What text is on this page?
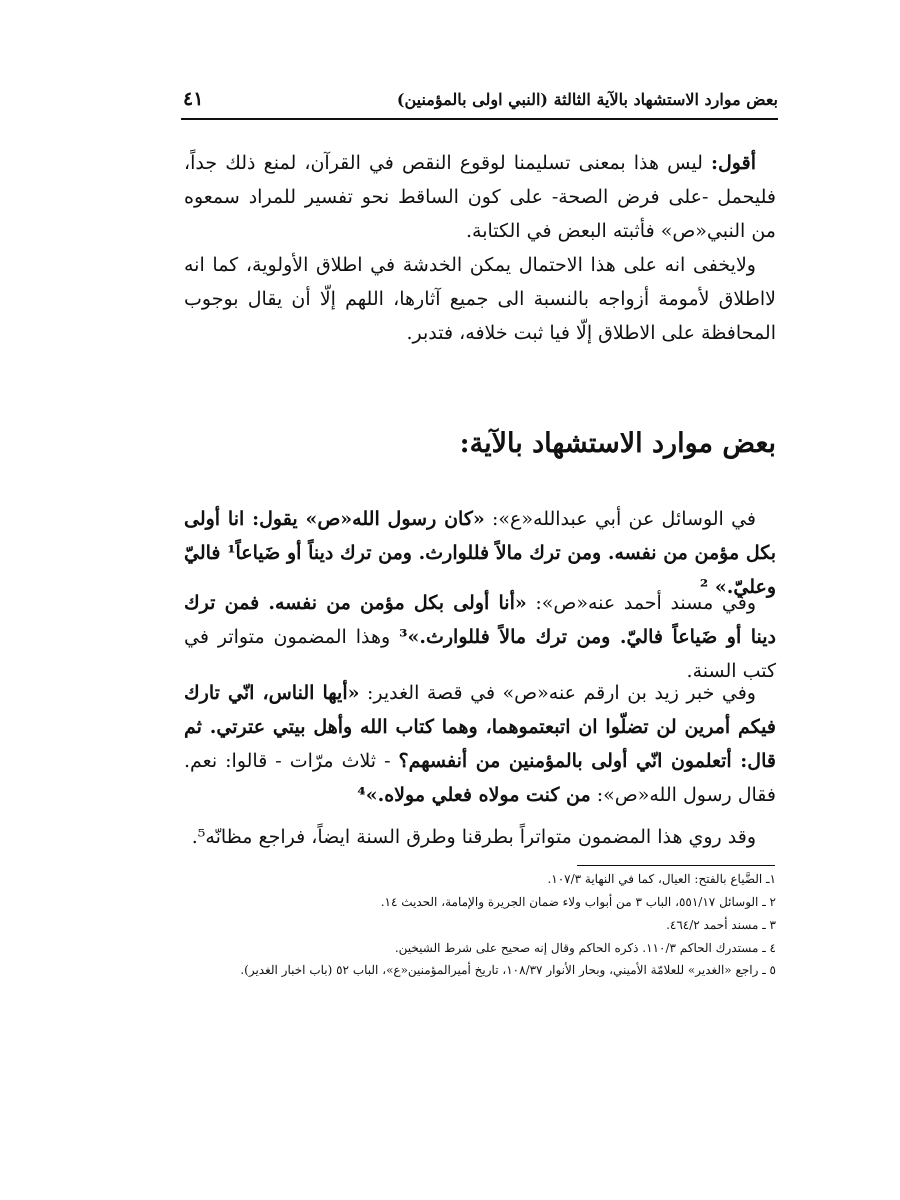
بعض موارد الاستشهاد بالآية الثالثة (النبي اولى بالمؤمنين)
٤١

أقول: ليس هذا بمعنى تسليمنا لوقوع النقص في القرآن، لمنع ذلك جداً، فليحمل -على فرض الصحة- على كون الساقط نحو تفسير للمراد سمعوه من النبي«ص» فأثبته البعض في الكتابة.

ولايخفى انه على هذا الاحتمال يمكن الخدشة في اطلاق الأولوية، كما انه لااطلاق لأمومة أزواجه بالنسبة الى جميع آثارها، اللهم إلّا أن يقال بوجوب المحافظة على الاطلاق إلّا فيا ثبت خلافه، فتدبر.

بعض موارد الاستشهاد بالآية:

في الوسائل عن أبي عبدالله«ع»: «كان رسول الله«ص» يقول: انا أولى بكل مؤمن من نفسه. ومن ترك مالاً فللوارث. ومن ترك ديناً أو ضَياعاً¹ فاليّ وعليّ.» ²

وفي مسند أحمد عنه«ص»: «أنا أولى بكل مؤمن من نفسه. فمن ترك دينا أو ضَياعاً فاليّ. ومن ترك مالاً فللوارث.»³ وهذا المضمون متواتر في كتب السنة.

وفي خبر زيد بن ارقم عنه«ص» في قصة الغدير: «أيها الناس، انّي تارك فيكم أمرين لن تضلّوا ان اتبعتموهما، وهما كتاب الله وأهل بيتي عترتي. ثم قال: أتعلمون انّي أولى بالمؤمنين من أنفسهم؟ - ثلاث مرّات - قالوا: نعم. فقال رسول الله«ص»: من كنت مولاه فعلي مولاه.»⁴

وقد روي هذا المضمون متواتراً بطرقنا وطرق السنة ايضاً، فراجع مظانّه⁵.

١ـ الضَّياع بالفتح: العيال، كما في النهاية ١٠٧/٣.
٢ ـ الوسائل ٥٥١/١٧، الباب ٣ من أبواب ولاء ضمان الجريرة والإمامة، الحديث ١٤.
٣ ـ مسند أحمد ٤٦٤/٢.
٤ ـ مستدرك الحاكم ١١٠/٣. ذكره الحاكم وقال إنه صحيح على شرط الشيخين.
٥ ـ راجع «الغدير» للعلامّة الأميني، وبحار الأنوار ١٠٨/٣٧، تاريخ أميرالمؤمنين«ع»، الباب ٥٢ (باب اخبار الغدير).
